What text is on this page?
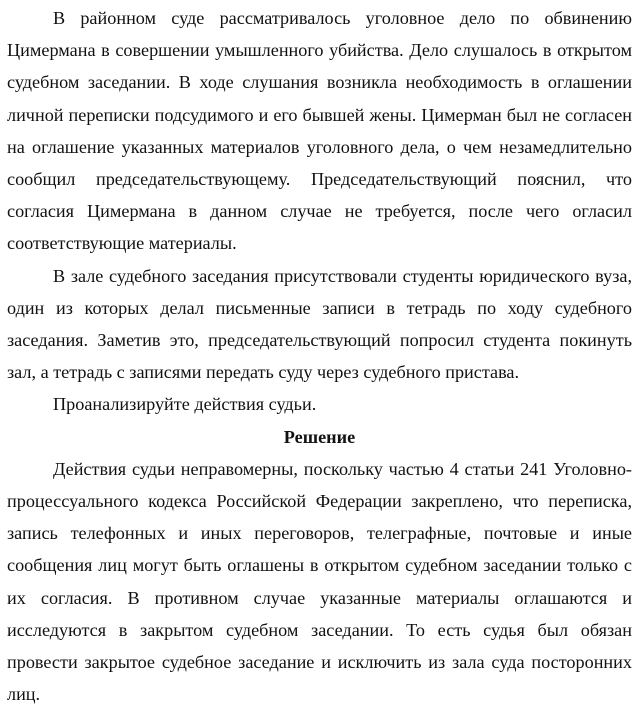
В районном суде рассматривалось уголовное дело по обвинению Цимермана в совершении умышленного убийства. Дело слушалось в открытом судебном заседании. В ходе слушания возникла необходимость в оглашении личной переписки подсудимого и его бывшей жены. Цимерман был не согласен на оглашение указанных материалов уголовного дела, о чем незамедлительно сообщил председательствующему. Председательствующий пояснил, что согласия Цимермана в данном случае не требуется, после чего огласил соответствующие материалы.

В зале судебного заседания присутствовали студенты юридического вуза, один из которых делал письменные записи в тетрадь по ходу судебного заседания. Заметив это, председательствующий попросил студента покинуть зал, а тетрадь с записями передать суду через судебного пристава.

Проанализируйте действия судьи.

Решение

Действия судьи неправомерны, поскольку частью 4 статьи 241 Уголовно-процессуального кодекса Российской Федерации закреплено, что переписка, запись телефонных и иных переговоров, телеграфные, почтовые и иные сообщения лиц могут быть оглашены в открытом судебном заседании только с их согласия. В противном случае указанные материалы оглашаются и исследуются в закрытом судебном заседании. То есть судья был обязан провести закрытое судебное заседание и исключить из зала суда посторонних лиц.
